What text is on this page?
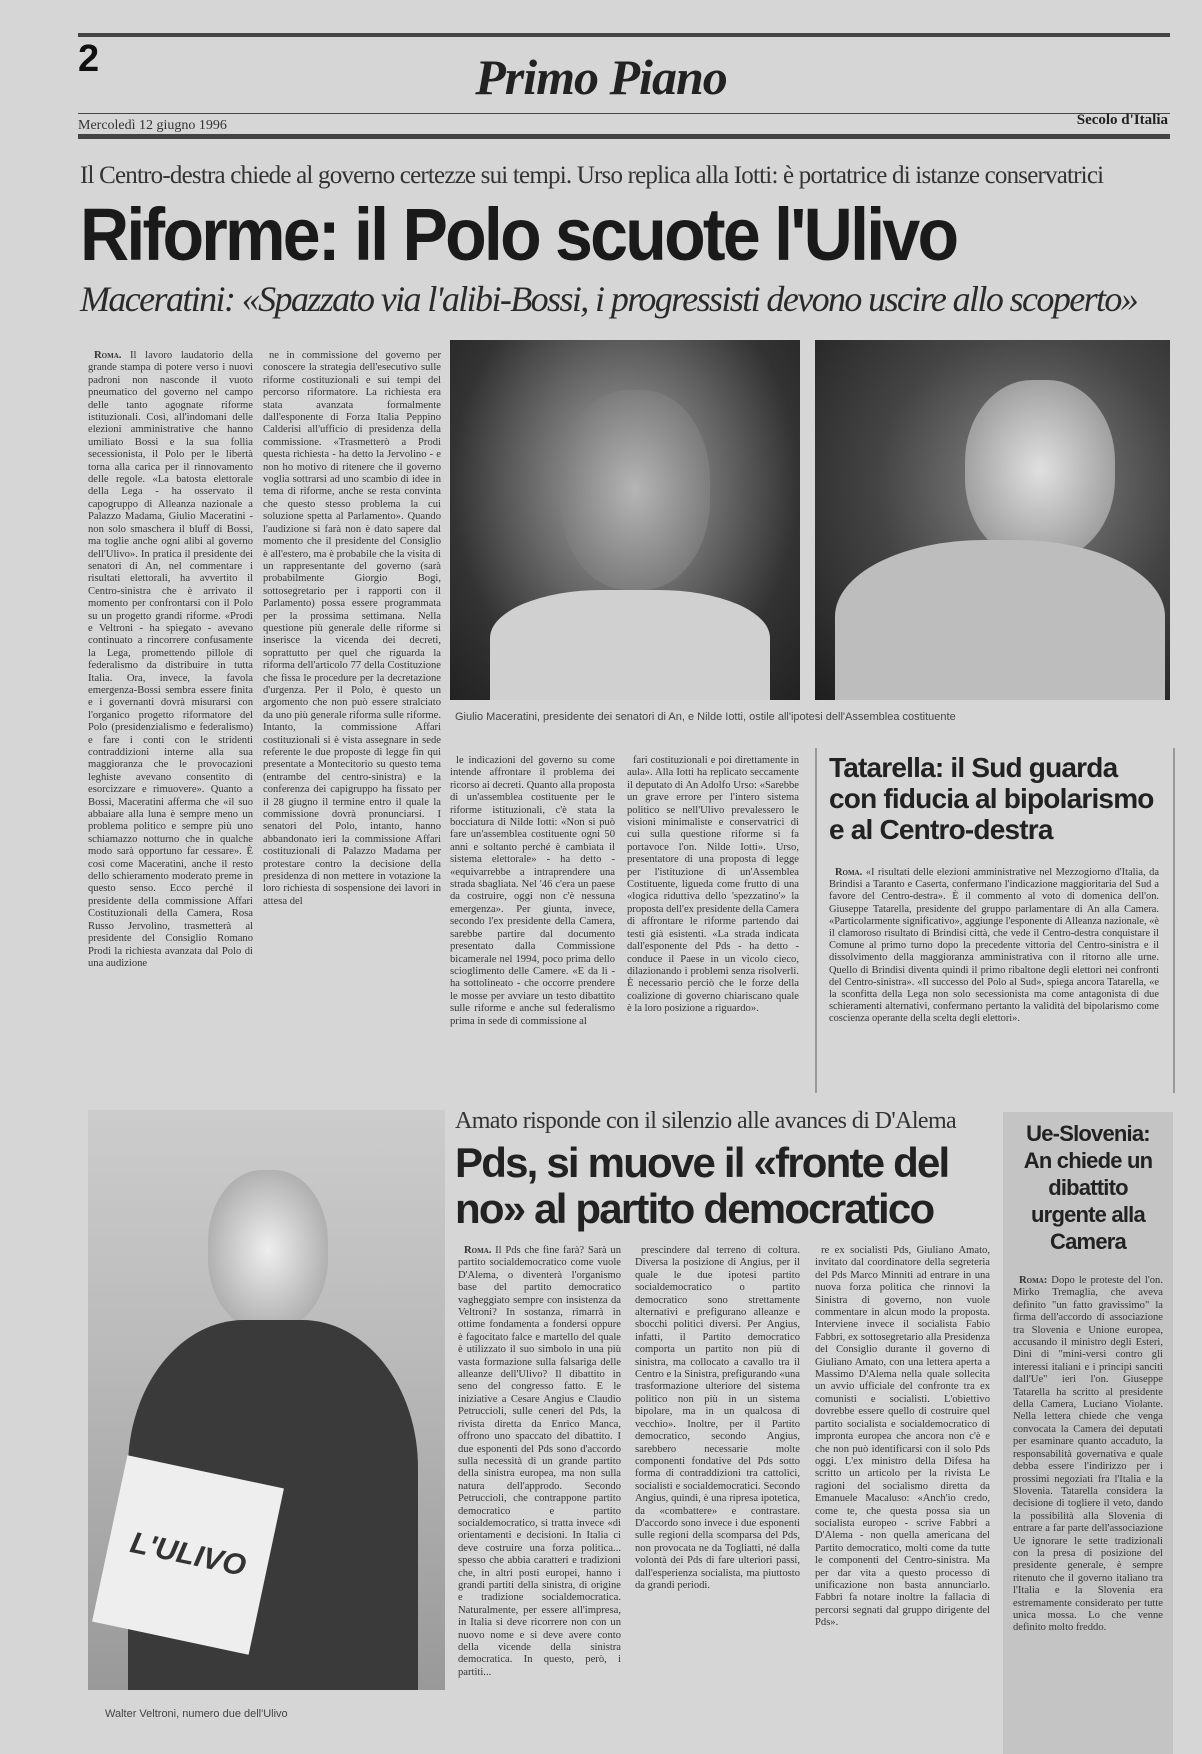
2	Primo Piano
Mercoledì 12 giugno 1996	Secolo d'Italia
Il Centro-destra chiede al governo certezze sui tempi. Urso replica alla Iotti: è portatrice di istanze conservatrici
Riforme: il Polo scuote l'Ulivo
Maceratini: «Spazzato via l'alibi-Bossi, i progressisti devono uscire allo scoperto»

Roma. Il lavoro laudatorio della grande stampa di potere verso i nuovi padroni non nasconde il vuoto pneumatico del governo nel campo delle tanto agognate riforme istituzionali. Così, all'indomani delle elezioni amministrative che hanno umiliato Bossi e la sua follia secessionista, il Polo per le libertà torna alla carica per il rinnovamento delle regole. «La batosta elettorale della Lega - ha osservato il capogruppo di Alleanza nazionale a Palazzo Madama, Giulio Maceratini - non solo smaschera il bluff di Bossi, ma toglie anche ogni alibi al governo dell'Ulivo». In pratica il presidente dei senatori di An, nel commentare i risultati elettorali, ha avvertito il Centro-sinistra che è arrivato il momento per confrontarsi con il Polo su un progetto grandi riforme. «Prodi e Veltroni - ha spiegato - avevano continuato a rincorrere confusamente la Lega, promettendo pillole di federalismo da distribuire in tutta Italia. Ora, invece, la favola emergenza-Bossi sembra essere finita e i governanti dovrà misurarsi con l'organico progetto riformatore del Polo (presidenzialismo e federalismo) e fare i conti con le stridenti contraddizioni interne alla sua maggioranza che le provocazioni leghiste avevano consentito di esorcizzare e rimuovere». Quanto a Bossi, Maceratini afferma che «il suo abbaiare alla luna è sempre meno un problema politico e sempre più uno schiamazzo notturno che in qualche modo sarà opportuno far cessare». È così come Maceratini, anche il resto dello schieramento moderato preme in questo senso. Ecco perché il presidente della commissione Affari Costituzionali della Camera, Rosa Russo Jervolino, trasmetterà al presidente del Consiglio Romano Prodi la richiesta avanzata dal Polo di una audizione

ne in commissione del governo per conoscere la strategia dell'esecutivo sulle riforme costituzionali e sui tempi del percorso riformatore. La richiesta era stata avanzata formalmente dall'esponente di Forza Italia Peppino Calderisi all'ufficio di presidenza della commissione. «Trasmetterò a Prodi questa richiesta - ha detto la Jervolino - e non ho motivo di ritenere che il governo voglia sottrarsi ad uno scambio di idee in tema di riforme, anche se resta convinta che questo stesso problema la cui soluzione spetta al Parlamento». Quando l'audizione si farà non è dato sapere dal momento che il presidente del Consiglio è all'estero, ma è probabile che la visita di un rappresentante del governo (sarà probabilmente Giorgio Bogi, sottosegretario per i rapporti con il Parlamento) possa essere programmata per la prossima settimana. Nella questione più generale delle riforme si inserisce la vicenda dei decreti, soprattutto per quel che riguarda la riforma dell'articolo 77 della Costituzione che fissa le procedure per la decretazione d'urgenza. Per il Polo, è questo un argomento che non può essere stralciato da uno più generale riforma sulle riforme. Intanto, la commissione Affari costituzionali si è vista assegnare in sede referente le due proposte di legge fin qui presentate a Montecitorio su questo tema (entrambe del centro-sinistra) e la conferenza dei capigruppo ha fissato per il 28 giugno il termine entro il quale la commissione dovrà pronunciarsi. I senatori del Polo, intanto, hanno abbandonato ieri la commissione Affari costituzionali di Palazzo Madama per protestare contro la decisione della presidenza di non mettere in votazione la loro richiesta di sospensione dei lavori in attesa del

Giulio Maceratini, presidente dei senatori di An, e Nilde Iotti, ostile all'ipotesi dell'Assemblea costituente

le indicazioni del governo su come intende affrontare il problema dei ricorso ai decreti. Quanto alla proposta di un'assemblea costituente per le riforme istituzionali, c'è stata la bocciatura di Nilde Iotti: «Non si può fare un'assemblea costituente ogni 50 anni e soltanto perché è cambiata il sistema elettorale» - ha detto - «equivarrebbe a intraprendere una strada sbagliata. Nel '46 c'era un paese da costruire, oggi non c'è nessuna emergenza». Per giunta, invece, secondo l'ex presidente della Camera, sarebbe partire dal documento presentato dalla Commissione bicamerale nel 1994, poco prima dello scioglimento delle Camere. «E da lì - ha sottolineato - che occorre prendere le mosse per avviare un testo dibattito sulle riforme e anche sul federalismo prima in sede di commissione al

fari costituzionali e poi direttamente in aula». Alla Iotti ha replicato seccamente il deputato di An Adolfo Urso: «Sarebbe un grave errore per l'intero sistema politico se nell'Ulivo prevalessero le visioni minimaliste e conservatrici di cui sulla questione riforme si fa portavoce l'on. Nilde Iotti». Urso, presentatore di una proposta di legge per l'istituzione di un'Assemblea Costituente, ligueda come frutto di una «logica riduttiva dello 'spezzatino'» la proposta dell'ex presidente della Camera di affrontare le riforme partendo dai testi già esistenti. «La strada indicata dall'esponente del Pds - ha detto - conduce il Paese in un vicolo cieco, dilazionando i problemi senza risolverli. È necessario perciò che le forze della coalizione di governo chiariscano quale è la loro posizione a riguardo».

Tatarella: il Sud guarda con fiducia al bipolarismo e al Centro-destra

Roma. «I risultati delle elezioni amministrative nel Mezzogiorno d'Italia, da Brindisi a Taranto e Caserta, confermano l'indicazione maggioritaria del Sud a favore del Centro-destra». È il commento al voto di domenica dell'on. Giuseppe Tatarella, presidente del gruppo parlamentare di An alla Camera. «Particolarmente significativo», aggiunge l'esponente di Alleanza nazionale, «è il clamoroso risultato di Brindisi città, che vede il Centro-destra conquistare il Comune al primo turno dopo la precedente vittoria del Centro-sinistra e il dissolvimento della maggioranza amministrativa con il ritorno alle urne. Quello di Brindisi diventa quindi il primo ribaltone degli elettori nei confronti del Centro-sinistra». «Il successo del Polo al Sud», spiega ancora Tatarella, «e la sconfitta della Lega non solo secessionista ma come antagonista di due schieramenti alternativi, confermano pertanto la validità del bipolarismo come coscienza operante della scelta degli elettori».

L'ULIVO
Walter Veltroni, numero due dell'Ulivo
Amato risponde con il silenzio alle avances di D'Alema
Pds, si muove il «fronte del no» al partito democratico

Roma. Il Pds che fine farà? Sarà un partito socialdemocratico come vuole D'Alema, o diventerà l'organismo base del partito democratico vagheggiato sempre con insistenza da Veltroni? In sostanza, rimarrà in ottime fondamenta a fondersi oppure è fagocitato falce e martello del quale è utilizzato il suo simbolo in una più vasta formazione sulla falsariga delle alleanze dell'Ulivo? Il dibattito in seno del congresso fatto. E le iniziative a Cesare Angius e Claudio Petruccioli, sulle ceneri del Pds, la rivista diretta da Enrico Manca, offrono uno spaccato del dibattito. I due esponenti del Pds sono d'accordo sulla necessità di un grande partito della sinistra europea, ma non sulla natura dell'approdo. Secondo Petruccioli, che contrappone partito democratico e partito socialdemocratico, si tratta invece «di orientamenti e decisioni. In Italia ci deve costruire una forza politica... spesso che abbia caratteri e tradizioni che, in altri posti europei, hanno i grandi partiti della sinistra, di origine e tradizione socialdemocratica. Naturalmente, per essere all'impresa, in Italia si deve ricorrere non con un nuovo nome e si deve avere conto della vicende della sinistra democratica. In questo, però, i partiti...

prescindere dal terreno di coltura. Diversa la posizione di Angius, per il quale le due ipotesi partito socialdemocratico o partito democratico sono strettamente alternativi e prefigurano alleanze e sbocchi politici diversi. Per Angius, infatti, il Partito democratico comporta un partito non più di sinistra, ma collocato a cavallo tra il Centro e la Sinistra, prefigurando «una trasformazione ulteriore del sistema politico non più in un sistema bipolare, ma in un qualcosa di vecchio». Inoltre, per il Partito democratico, secondo Angius, sarebbero necessarie molte componenti fondative del Pds sotto forma di contraddizioni tra cattolici, socialisti e socialdemocratici. Secondo Angius, quindi, è una ripresa ipotetica, da «combattere» e contrastare. D'accordo sono invece i due esponenti sulle regioni della scomparsa del Pds, non provocata ne da Togliatti, né dalla volontà dei Pds di fare ulteriori passi, dall'esperienza socialista, ma piuttosto da grandi periodi.

re ex socialisti Pds, Giuliano Amato, invitato dal coordinatore della segreteria del Pds Marco Minniti ad entrare in una nuova forza politica che rinnovi la Sinistra di governo, non vuole commentare in alcun modo la proposta. Interviene invece il socialista Fabio Fabbri, ex sottosegretario alla Presidenza del Consiglio durante il governo di Giuliano Amato, con una lettera aperta a Massimo D'Alema nella quale sollecita un avvio ufficiale del confronte tra ex comunisti e socialisti. L'obiettivo dovrebbe essere quello di costruire quel partito socialista e socialdemocratico di impronta europea che ancora non c'è e che non può identificarsi con il solo Pds oggi. L'ex ministro della Difesa ha scritto un articolo per la rivista Le ragioni del socialismo diretta da Emanuele Macaluso: «Anch'io credo, come te, che questa possa sia un socialista europeo - scrive Fabbri a D'Alema - non quella americana del Partito democratico, molti come da tutte le componenti del Centro-sinistra. Ma per dar vita a questo processo di unificazione non basta annunciarlo. Fabbri fa notare inoltre la fallacia di percorsi segnati dal gruppo dirigente del Pds».

Ue-Slovenia: An chiede un dibattito urgente alla Camera

Roma: Dopo le proteste del l'on. Mirko Tremaglia, che aveva definito "un fatto gravissimo" la firma dell'accordo di associazione tra Slovenia e Unione europea, accusando il ministro degli Esteri, Dini di "mini-versi contro gli interessi italiani e i principi sanciti dall'Ue" ieri l'on. Giuseppe Tatarella ha scritto al presidente della Camera, Luciano Violante. Nella lettera chiede che venga convocata la Camera dei deputati per esaminare quanto accaduto, la responsabilità governativa e quale debba essere l'indirizzo per i prossimi negoziati fra l'Italia e la Slovenia. Tatarella considera la decisione di togliere il veto, dando la possibilità alla Slovenia di entrare a far parte dell'associazione Ue ignorare le sette tradizionali con la presa di posizione del presidente generale, è sempre ritenuto che il governo italiano tra l'Italia e la Slovenia era estremamente considerato per tutte unica mossa. Lo che venne definito molto freddo.
